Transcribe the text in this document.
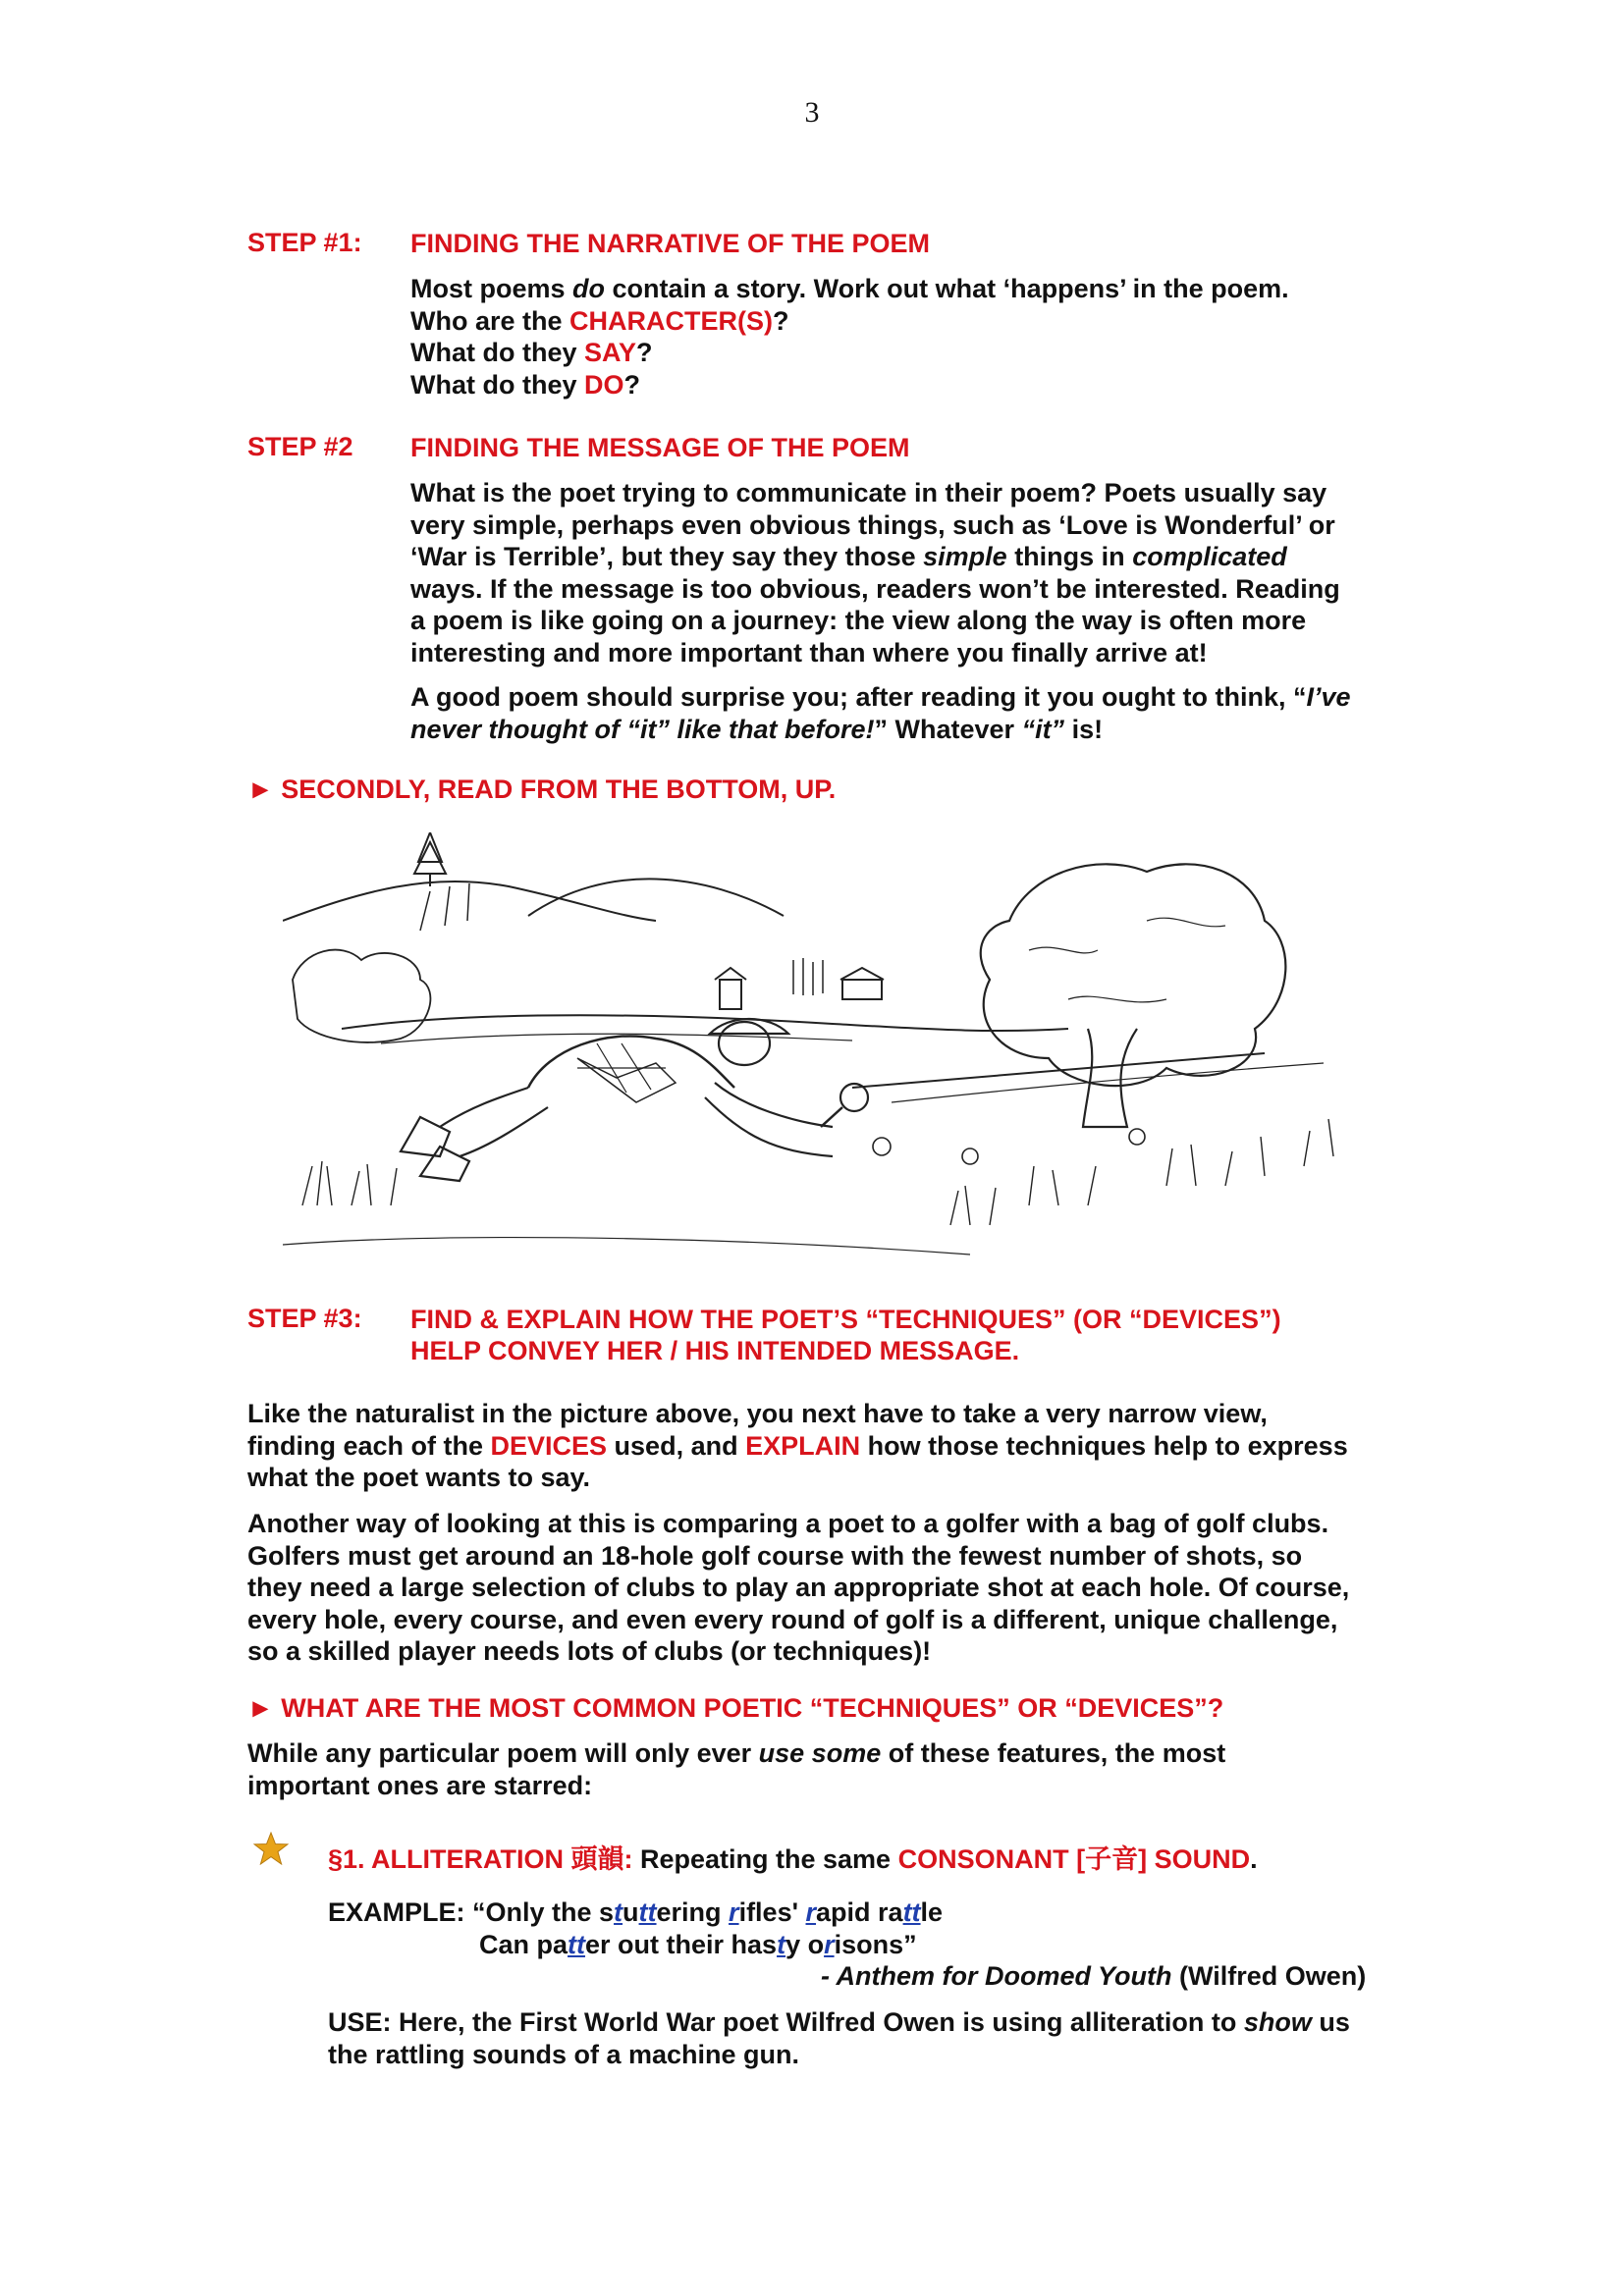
3
STEP #1: FINDING THE NARRATIVE OF THE POEM
Most poems do contain a story. Work out what ‘happens’ in the poem.
Who are the CHARACTER(S)?
What do they SAY?
What do they DO?
STEP #2 FINDING THE MESSAGE OF THE POEM
What is the poet trying to communicate in their poem? Poets usually say
very simple, perhaps even obvious things, such as ‘Love is Wonderful’ or
‘War is Terrible’, but they say they those simple things in complicated
ways. If the message is too obvious, readers won’t be interested. Reading
a poem is like going on a journey: the view along the way is often more
interesting and more important than where you finally arrive at!
A good poem should surprise you; after reading it you ought to think, “I’ve
never thought of “it” like that before!” Whatever “it” is!
► SECONDLY, READ FROM THE BOTTOM, UP.
STEP #3: FIND & EXPLAIN HOW THE POET’S “TECHNIQUES” (OR “DEVICES”)
HELP CONVEY HER / HIS INTENDED MESSAGE.
Like the naturalist in the picture above, you next have to take a very narrow view,
finding each of the DEVICES used, and EXPLAIN how those techniques help to express
what the poet wants to say.
Another way of looking at this is comparing a poet to a golfer with a bag of golf clubs.
Golfers must get around an 18-hole golf course with the fewest number of shots, so
they need a large selection of clubs to play an appropriate shot at each hole. Of course,
every hole, every course, and even every round of golf is a different, unique challenge,
so a skilled player needs lots of clubs (or techniques)!
► WHAT ARE THE MOST COMMON POETIC “TECHNIQUES” OR “DEVICES”?
While any particular poem will only ever use some of these features, the most
important ones are starred:
§1. ALLITERATION 頭韻: Repeating the same CONSONANT [子音] SOUND.
EXAMPLE: “Only the stuttering rifles' rapid rattle
Can patter out their hasty orisons”
- Anthem for Doomed Youth (Wilfred Owen)
USE: Here, the First World War poet Wilfred Owen is using alliteration to show us
the rattling sounds of a machine gun.
